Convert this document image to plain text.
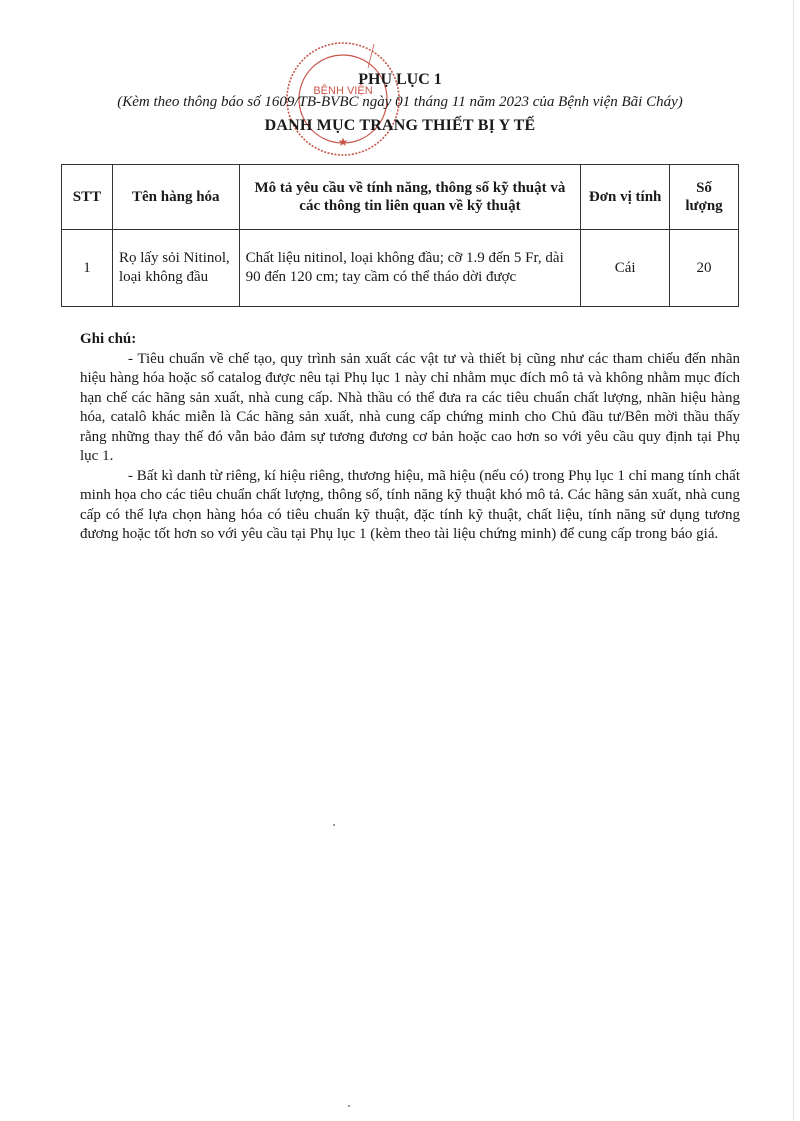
BỆNH VIỆN
★
PHỤ LỤC 1
(Kèm theo thông báo số 1609/TB-BVBC ngày 01 tháng 11 năm 2023 của Bệnh viện Bãi Cháy)
DANH MỤC TRANG THIẾT BỊ Y TẾ
STT	Tên hàng hóa	Mô tả yêu cầu về tính năng, thông số kỹ thuật và các thông tin liên quan về kỹ thuật	Đơn vị tính	Số lượng
1	Rọ lấy sỏi Nitinol, loại không đầu	Chất liệu nitinol, loại không đầu; cỡ 1.9 đến 5 Fr, dài 90 đến 120 cm; tay cầm có thể tháo dời được	Cái	20
Ghi chú:

- Tiêu chuẩn về chế tạo, quy trình sản xuất các vật tư và thiết bị cũng như các tham chiếu đến nhãn hiệu hàng hóa hoặc số catalog được nêu tại Phụ lục 1 này chỉ nhằm mục đích mô tả và không nhằm mục đích hạn chế các hãng sản xuất, nhà cung cấp. Nhà thầu có thể đưa ra các tiêu chuẩn chất lượng, nhãn hiệu hàng hóa, catalô khác miễn là Các hãng sản xuất, nhà cung cấp chứng minh cho Chủ đầu tư/Bên mời thầu thấy rằng những thay thế đó vẫn bảo đảm sự tương đương cơ bản hoặc cao hơn so với yêu cầu quy định tại Phụ lục 1.

- Bất kì danh từ riêng, kí hiệu riêng, thương hiệu, mã hiệu (nếu có) trong Phụ lục 1 chỉ mang tính chất minh họa cho các tiêu chuẩn chất lượng, thông số, tính năng kỹ thuật khó mô tả. Các hãng sản xuất, nhà cung cấp có thể lựa chọn hàng hóa có tiêu chuẩn kỹ thuật, đặc tính kỹ thuật, chất liệu, tính năng sử dụng tương đương hoặc tốt hơn so với yêu cầu tại Phụ lục 1 (kèm theo tài liệu chứng minh) để cung cấp trong báo giá.
